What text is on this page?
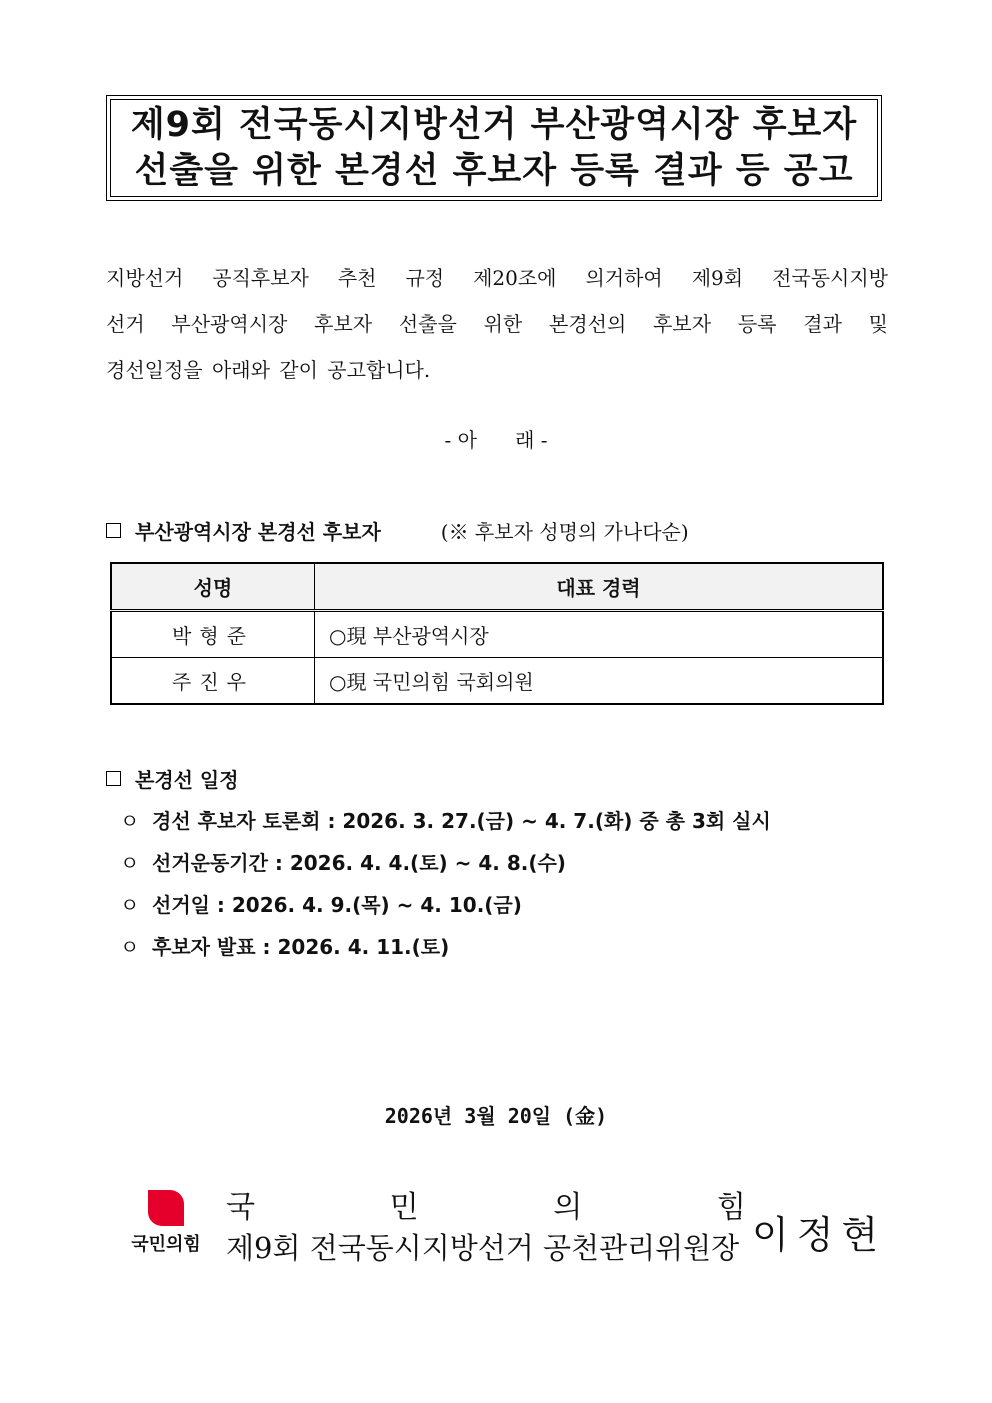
제9회 전국동시지방선거 부산광역시장 후보자
선출을 위한 본경선 후보자 등록 결과 등 공고
지방선거 공직후보자 추천 규정 제20조에 의거하여 제9회 전국동시지방
선거 부산광역시장 후보자 선출을 위한 본경선의 후보자 등록 결과 및
경선일정을 아래와 같이 공고합니다.
- 아      래 -
부산광역시장 본경선 후보자	(※ 후보자 성명의 가나다순)
성명	대표 경력
박형준	○現 부산광역시장
주진우	○現 국민의힘 국회의원
본경선 일정
ㅇ 경선 후보자 토론회 : 2026. 3. 27.(금) ~ 4. 7.(화) 중 총 3회 실시
ㅇ 선거운동기간 : 2026. 4. 4.(토) ~ 4. 8.(수)
ㅇ 선거일 : 2026. 4. 9.(목) ~ 4. 10.(금)
ㅇ 후보자 발표 : 2026. 4. 11.(토)
2026년 3월 20일 (金)
국민의힘
국	민	의	힘
제9회 전국동시지방선거 공천관리위원장 이정현
